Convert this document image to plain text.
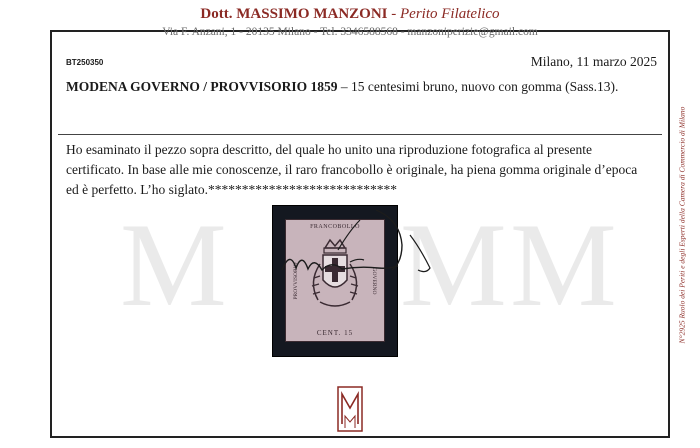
M M M
Dott. MASSIMO MANZONI - Perito Filatelico
Via F. Anzani, 1 - 20135 Milano - Tel. 3346588568 - manzoniperizie@gmail.com
BT250350	Milano, 11 marzo 2025
MODENA GOVERNO / PROVVISORIO 1859 – 15 centesimi bruno, nuovo con gomma (Sass.13).
Ho esaminato il pezzo sopra descritto, del quale ho unito una riproduzione fotografica al presente certificato. In base alle mie conoscenze, il raro francobollo è originale, ha piena gomma originale d’epoca ed è perfetto. L’ho siglato.****************************
FRANCOBOLLO
PROVVISORIO	GOVERNO
CENT. 15	N°2925 Ruolo dei Periti e degli Esperti della Camera di Commercio di Milano
